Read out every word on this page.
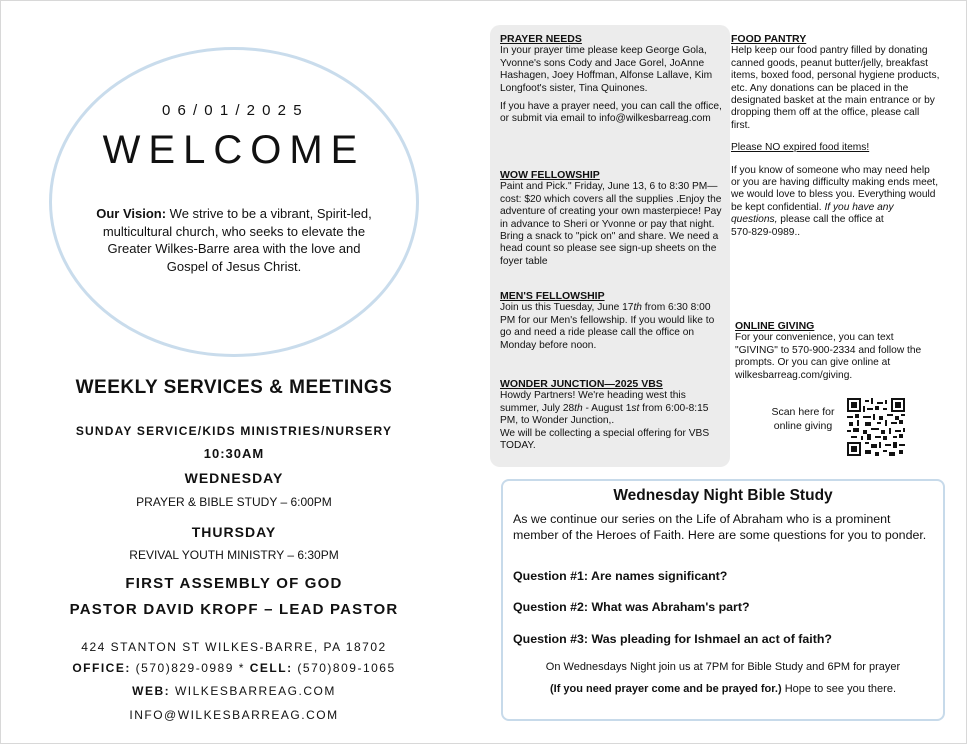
0 6 / 0 1 / 2 0 2 5
WELCOME
Our Vision: We strive to be a vibrant, Spirit-led, multicultural church, who seeks to elevate the Greater Wilkes-Barre area with the love and Gospel of Jesus Christ.
WEEKLY SERVICES & MEETINGS
SUNDAY SERVICE/KIDS MINISTRIES/NURSERY
10:30AM
WEDNESDAY
PRAYER & BIBLE STUDY – 6:00PM
THURSDAY
REVIVAL YOUTH MINISTRY – 6:30PM
FIRST ASSEMBLY OF GOD
PASTOR DAVID KROPF – LEAD PASTOR
424 STANTON ST WILKES-BARRE, PA 18702
OFFICE: (570)829-0989 * CELL: (570)809-1065
WEB: WILKESBARREAG.COM
INFO@WILKESBARREAG.COM
PRAYER NEEDS

In your prayer time please keep George Gola, Yvonne's sons Cody and Jace Gorel, JoAnne Hashagen, Joey Hoffman, Alfonse Lallave, Kim Longfoot's sister, Tina Quinones.

If you have a prayer need, you can call the office, or submit via email to info@wilkesbarreag.com

WOW FELLOWSHIP
Paint and Pick." Friday, June 13, 6 to 8:30 PM—cost: $20 which covers all the supplies .Enjoy the adventure of creating your own masterpiece! Pay in advance to Sheri or Yvonne or pay that night. Bring a snack to "pick on" and share. We need a head count so please see sign-up sheets on the foyer table
MEN'S FELLOWSHIP
Join us this Tuesday, June 17th from 6:30 8:00 PM for our Men's fellowship. If you would like to go and need a ride please call the office on Monday before noon.
WONDER JUNCTION—2025 VBS
Howdy Partners! We're heading west this summer, July 28th - August 1st from 6:00-8:15 PM, to Wonder Junction,.
We will be collecting a special offering for VBS TODAY.
FOOD PANTRY

Help keep our food pantry filled by donating canned goods, peanut butter/jelly, breakfast items, boxed food, personal hygiene products, etc. Any donations can be placed in the designated basket at the main entrance or by dropping them off at the office, please call first.

Please NO expired food items!

If you know of someone who may need help or you are having difficulty making ends meet, we would love to bless you. Everything would be kept confidential. If you have any questions, please call the office at
570-829-0989..

ONLINE GIVING
For your convenience, you can text "GIVING" to 570-900-2334 and follow the prompts. Or you can give online at wilkesbarreag.com/giving.
Scan here for online giving
Wednesday Night Bible Study
As we continue our series on the Life of Abraham who is a prominent member of the Heroes of Faith. Here are some questions for you to ponder.
Question #1: Are names significant?
Question #2: What was Abraham's part?
Question #3: Was pleading for Ishmael an act of faith?
On Wednesdays Night join us at 7PM for Bible Study and 6PM for prayer
(If you need prayer come and be prayed for.) Hope to see you there.
